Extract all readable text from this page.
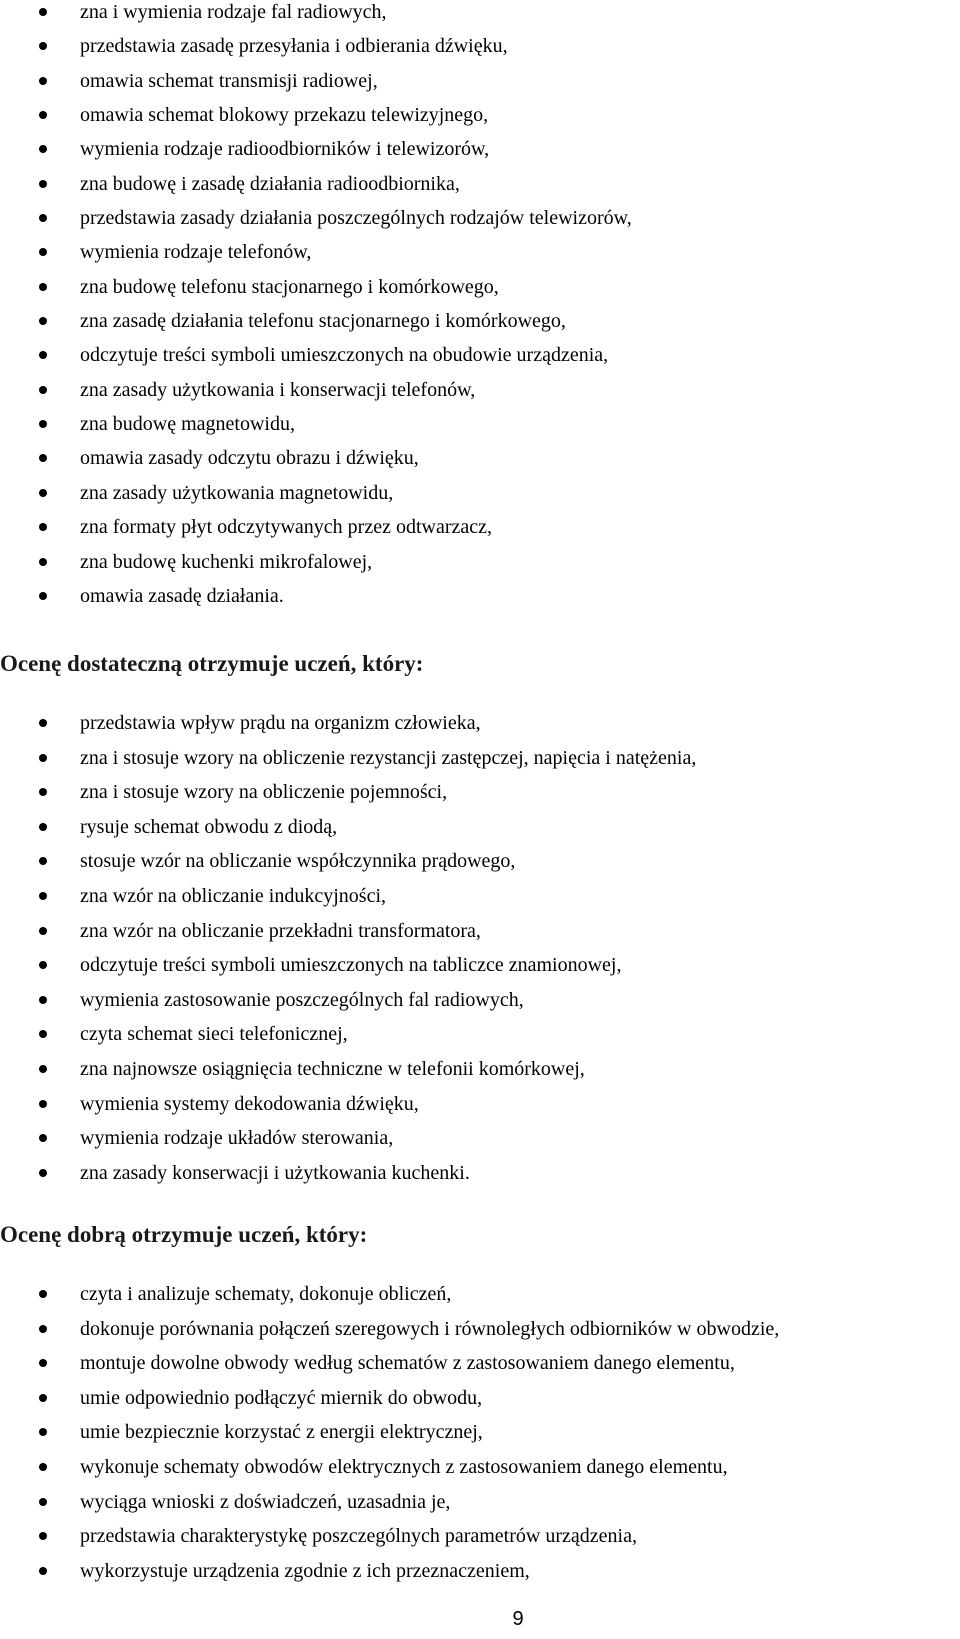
zna i wymienia rodzaje fal radiowych,
przedstawia zasadę przesyłania i odbierania dźwięku,
omawia schemat transmisji radiowej,
omawia schemat blokowy przekazu telewizyjnego,
wymienia rodzaje radioodbiorników i telewizorów,
zna budowę i zasadę działania radioodbiornika,
przedstawia zasady działania poszczególnych rodzajów telewizorów,
wymienia rodzaje telefonów,
zna budowę telefonu stacjonarnego i komórkowego,
zna zasadę działania telefonu stacjonarnego i komórkowego,
odczytuje treści symboli umieszczonych na obudowie urządzenia,
zna zasady użytkowania i konserwacji telefonów,
zna budowę magnetowidu,
omawia zasady odczytu obrazu i dźwięku,
zna zasady użytkowania magnetowidu,
zna formaty płyt odczytywanych przez odtwarzacz,
zna budowę kuchenki mikrofalowej,
omawia zasadę działania.
Ocenę dostateczną otrzymuje uczeń, który:
przedstawia wpływ prądu na organizm człowieka,
zna i stosuje wzory na obliczenie rezystancji zastępczej, napięcia i natężenia,
zna i stosuje wzory na obliczenie pojemności,
rysuje schemat obwodu z diodą,
stosuje wzór na obliczanie współczynnika prądowego,
zna wzór na obliczanie indukcyjności,
zna wzór na obliczanie przekładni transformatora,
odczytuje treści symboli umieszczonych na tabliczce znamionowej,
wymienia zastosowanie poszczególnych fal radiowych,
czyta schemat sieci telefonicznej,
zna najnowsze osiągnięcia techniczne w telefonii komórkowej,
wymienia systemy dekodowania dźwięku,
wymienia rodzaje układów sterowania,
zna zasady konserwacji i użytkowania kuchenki.
Ocenę dobrą otrzymuje uczeń, który:
czyta i analizuje schematy, dokonuje obliczeń,
dokonuje porównania połączeń szeregowych i równoległych odbiorników w obwodzie,
montuje dowolne obwody według schematów z zastosowaniem danego elementu,
umie odpowiednio podłączyć miernik do obwodu,
umie bezpiecznie korzystać z energii elektrycznej,
wykonuje schematy obwodów elektrycznych z zastosowaniem danego elementu,
wyciąga wnioski z doświadczeń, uzasadnia je,
przedstawia charakterystykę poszczególnych parametrów urządzenia,
wykorzystuje urządzenia zgodnie z ich przeznaczeniem,
9
